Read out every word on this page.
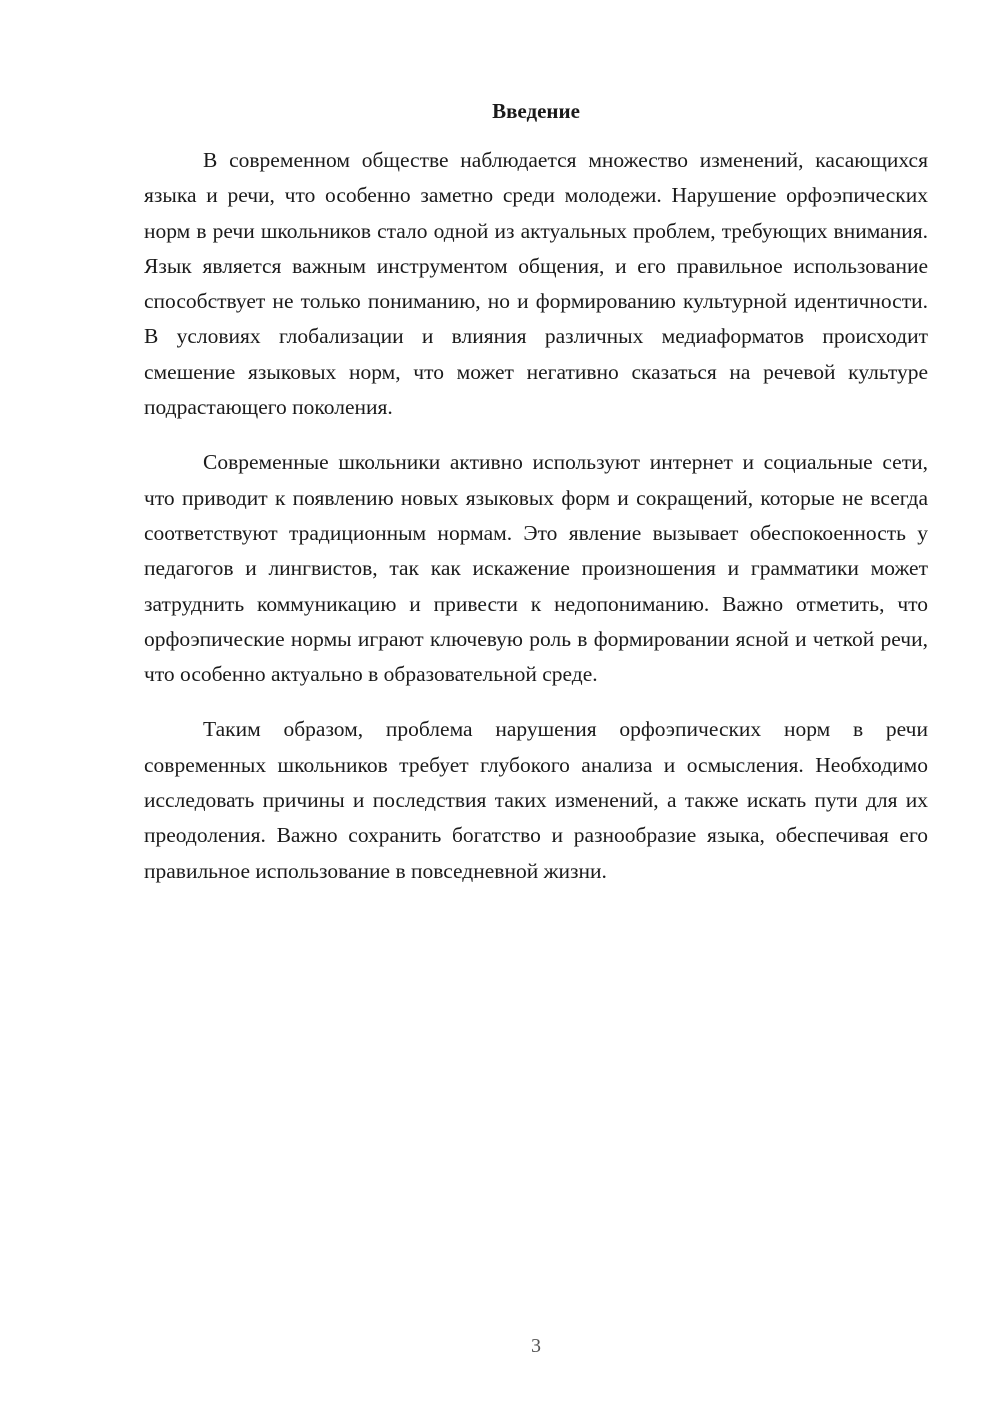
Введение

В современном обществе наблюдается множество изменений, касающихся языка и речи, что особенно заметно среди молодежи. Нарушение орфоэпических норм в речи школьников стало одной из актуальных проблем, требующих внимания. Язык является важным инструментом общения, и его правильное использование способствует не только пониманию, но и формированию культурной идентичности. В условиях глобализации и влияния различных медиаформатов происходит смешение языковых норм, что может негативно сказаться на речевой культуре подрастающего поколения.

Современные школьники активно используют интернет и социальные сети, что приводит к появлению новых языковых форм и сокращений, которые не всегда соответствуют традиционным нормам. Это явление вызывает обеспокоенность у педагогов и лингвистов, так как искажение произношения и грамматики может затруднить коммуникацию и привести к недопониманию. Важно отметить, что орфоэпические нормы играют ключевую роль в формировании ясной и четкой речи, что особенно актуально в образовательной среде.

Таким образом, проблема нарушения орфоэпических норм в речи современных школьников требует глубокого анализа и осмысления. Необходимо исследовать причины и последствия таких изменений, а также искать пути для их преодоления. Важно сохранить богатство и разнообразие языка, обеспечивая его правильное использование в повседневной жизни.

3
